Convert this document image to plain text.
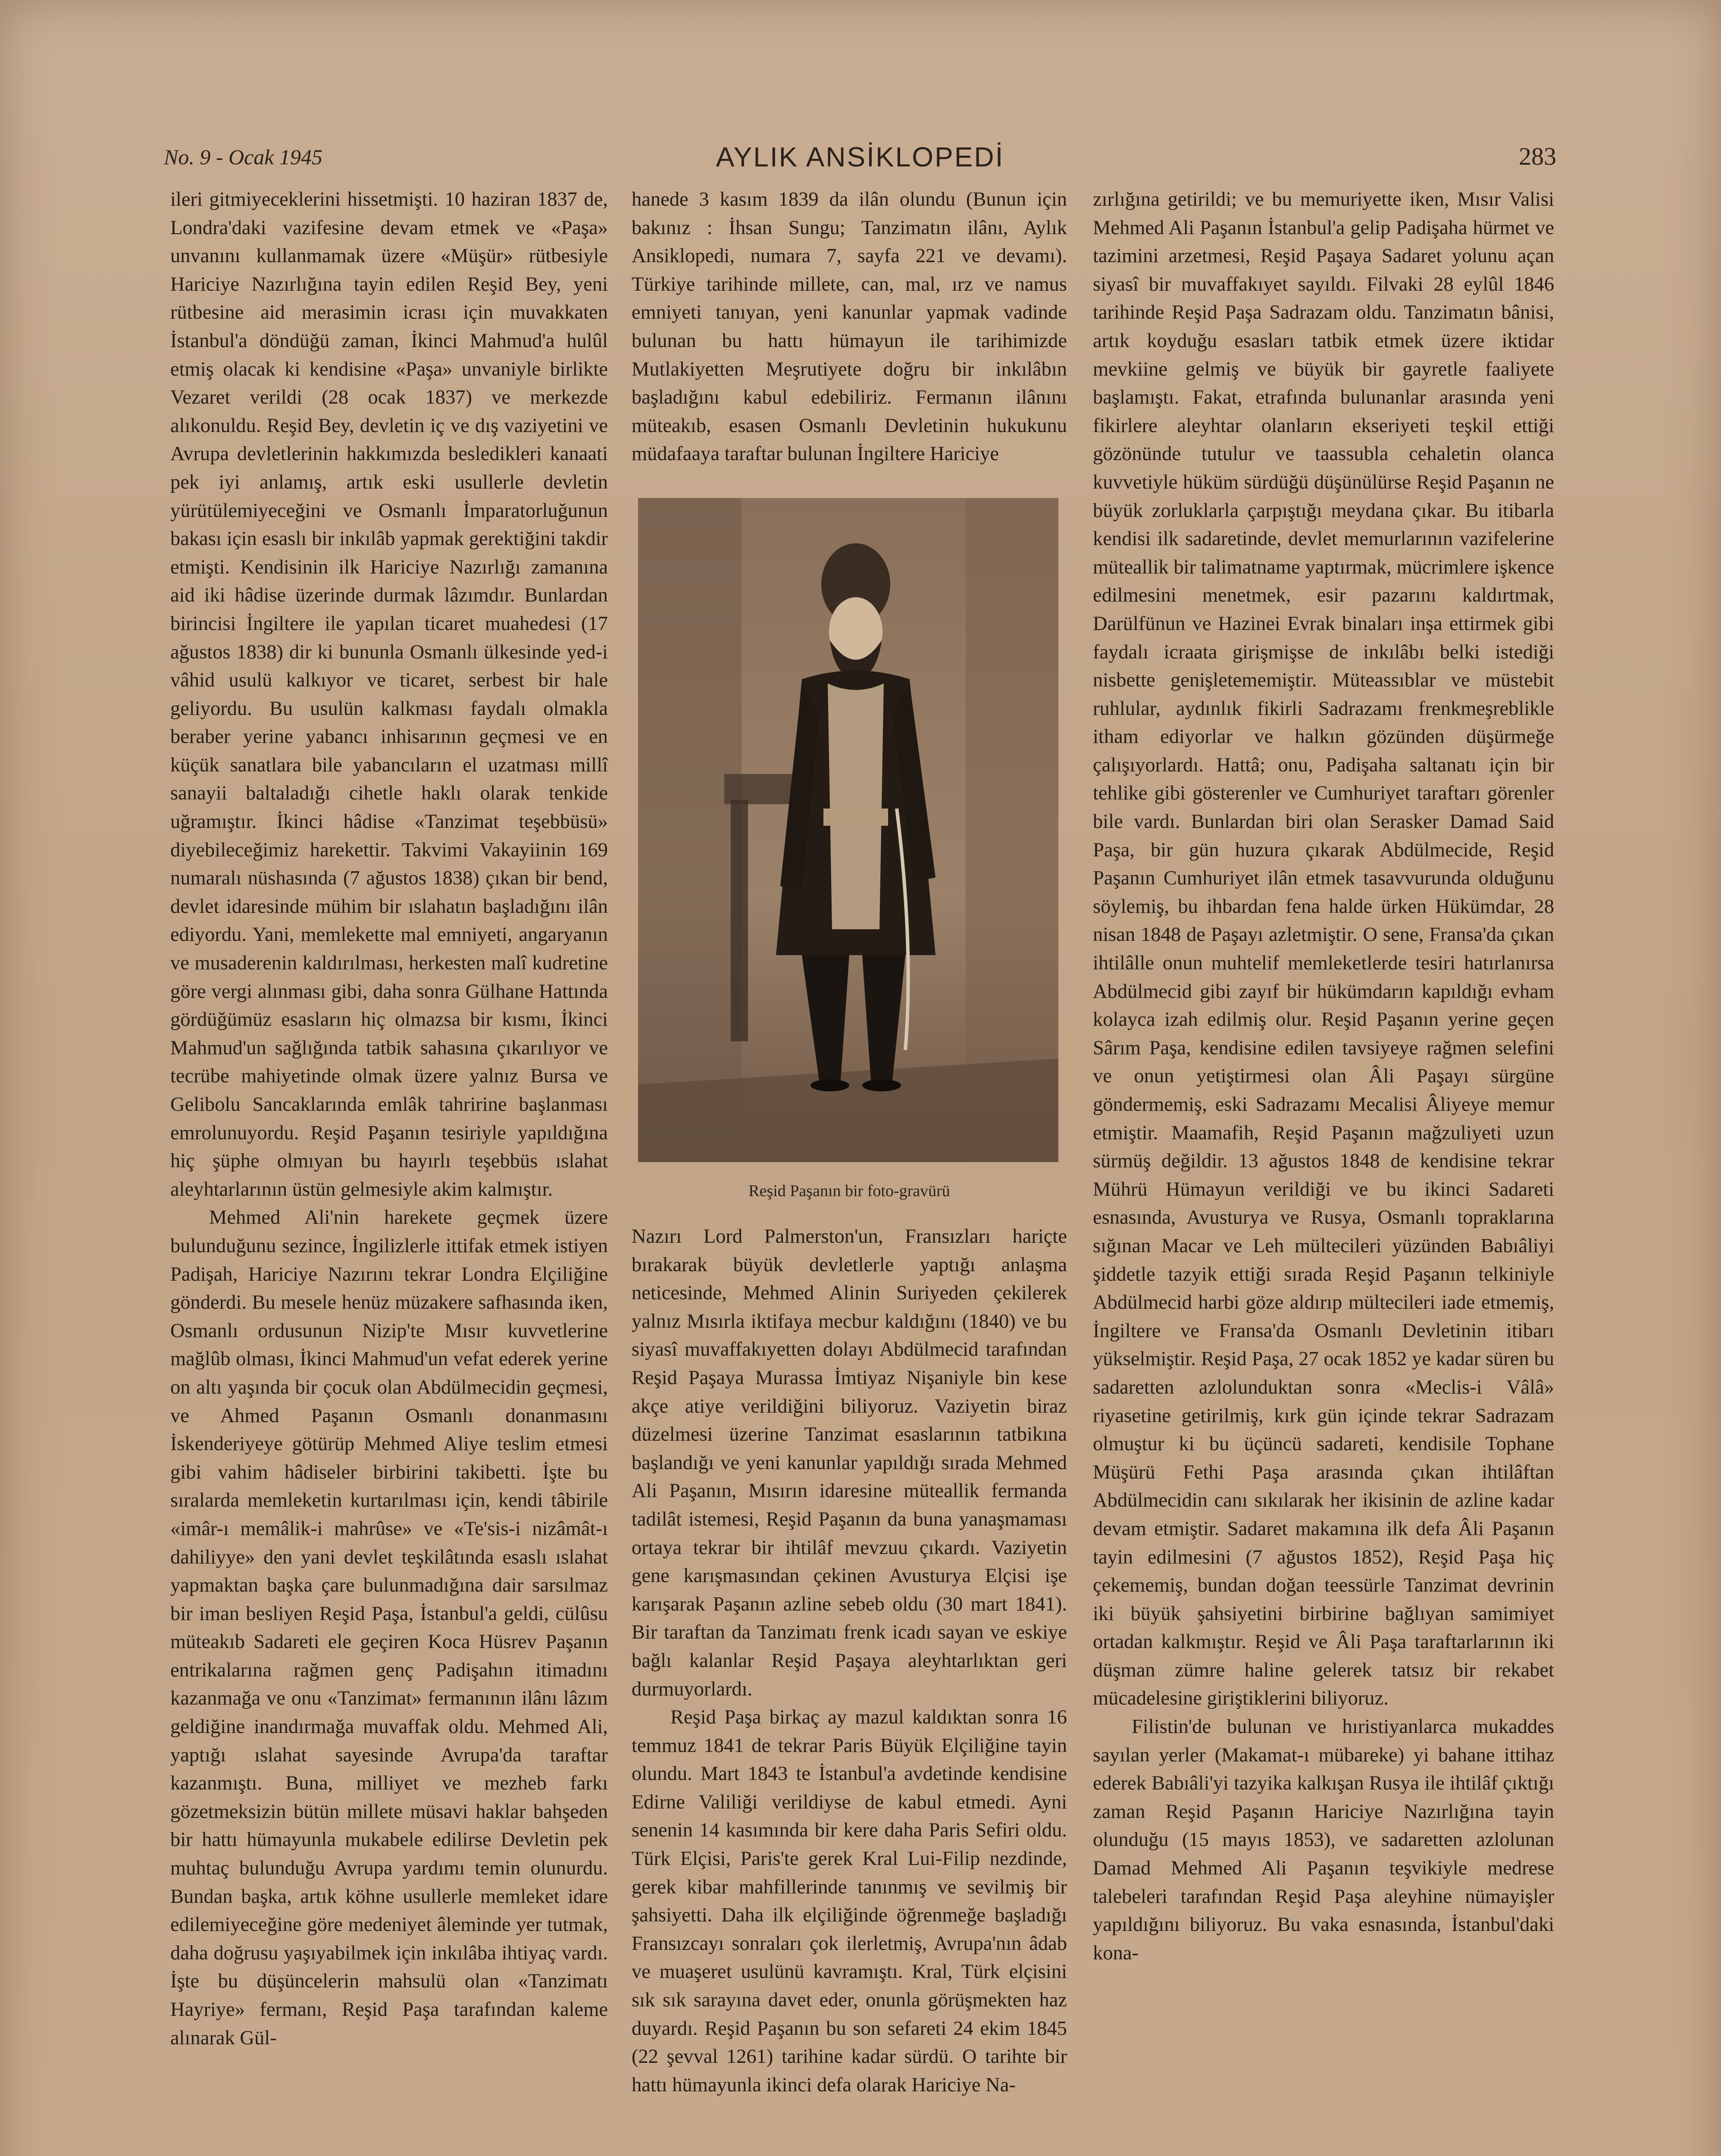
No. 9 - Ocak 1945	AYLIK ANSİKLOPEDİ	283

ileri gitmiyeceklerini hissetmişti. 10 haziran 1837 de, Londra'daki vazifesine devam etmek ve «Paşa» unvanını kullanmamak üzere «Müşür» rütbesiyle Hariciye Nazırlığına tayin edilen Reşid Bey, yeni rütbesine aid merasimin icrası için muvakkaten İstanbul'a döndüğü zaman, İkinci Mahmud'a hulûl etmiş olacak ki kendisine «Paşa» unvaniyle birlikte Vezaret verildi (28 ocak 1837) ve merkezde alıkonuldu. Reşid Bey, devletin iç ve dış vaziyetini ve Avrupa devletlerinin hakkımızda besledikleri kanaati pek iyi anlamış, artık eski usullerle devletin yürütülemiyeceğini ve Osmanlı İmparatorluğunun bakası için esaslı bir inkılâb yapmak gerektiğini takdir etmişti. Kendisinin ilk Hariciye Nazırlığı zamanına aid iki hâdise üzerinde durmak lâzımdır. Bunlardan birincisi İngiltere ile yapılan ticaret muahedesi (17 ağustos 1838) dir ki bununla Osmanlı ülkesinde yed-i vâhid usulü kalkıyor ve ticaret, serbest bir hale geliyordu. Bu usulün kalkması faydalı olmakla beraber yerine yabancı inhisarının geçmesi ve en küçük sanatlara bile yabancıların el uzatması millî sanayii baltaladığı cihetle haklı olarak tenkide uğramıştır. İkinci hâdise «Tanzimat teşebbüsü» diyebileceğimiz harekettir. Takvimi Vakayiinin 169 numaralı nüshasında (7 ağustos 1838) çıkan bir bend, devlet idaresinde mühim bir ıslahatın başladığını ilân ediyordu. Yani, memlekette mal emniyeti, angaryanın ve musaderenin kaldırılması, herkesten malî kudretine göre vergi alınması gibi, daha sonra Gülhane Hattında gördüğümüz esasların hiç olmazsa bir kısmı, İkinci Mahmud'un sağlığında tatbik sahasına çıkarılıyor ve tecrübe mahiyetinde olmak üzere yalnız Bursa ve Gelibolu Sancaklarında emlâk tahririne başlanması emrolunuyordu. Reşid Paşanın tesiriyle yapıldığına hiç şüphe olmıyan bu hayırlı teşebbüs ıslahat aleyhtarlarının üstün gelmesiyle akim kalmıştır.

Mehmed Ali'nin harekete geçmek üzere bulunduğunu sezince, İngilizlerle ittifak etmek istiyen Padişah, Hariciye Nazırını tekrar Londra Elçiliğine gönderdi. Bu mesele henüz müzakere safhasında iken, Osmanlı ordusunun Nizip'te Mısır kuvvetlerine mağlûb olması, İkinci Mahmud'un vefat ederek yerine on altı yaşında bir çocuk olan Abdülmecidin geçmesi, ve Ahmed Paşanın Osmanlı donanmasını İskenderiyeye götürüp Mehmed Aliye teslim etmesi gibi vahim hâdiseler birbirini takibetti. İşte bu sıralarda memleketin kurtarılması için, kendi tâbirile «imâr-ı memâlik-i mahrûse» ve «Te'sis-i nizâmât-ı dahiliyye» den yani devlet teşkilâtında esaslı ıslahat yapmaktan başka çare bulunmadığına dair sarsılmaz bir iman besliyen Reşid Paşa, İstanbul'a geldi, cülûsu müteakıb Sadareti ele geçiren Koca Hüsrev Paşanın entrikalarına rağmen genç Padişahın itimadını kazanmağa ve onu «Tanzimat» fermanının ilânı lâzım geldiğine inandırmağa muvaffak oldu. Mehmed Ali, yaptığı ıslahat sayesinde Avrupa'da taraftar kazanmıştı. Buna, milliyet ve mezheb farkı gözetmeksizin bütün millete müsavi haklar bahşeden bir hattı hümayunla mukabele edilirse Devletin pek muhtaç bulunduğu Avrupa yardımı temin olunurdu. Bundan başka, artık köhne usullerle memleket idare edilemiyeceğine göre medeniyet âleminde yer tutmak, daha doğrusu yaşıyabilmek için inkılâba ihtiyaç vardı. İşte bu düşüncelerin mahsulü olan «Tanzimatı Hayriye» fermanı, Reşid Paşa tarafından kaleme alınarak Gül-

hanede 3 kasım 1839 da ilân olundu (Bunun için bakınız : İhsan Sungu; Tanzimatın ilânı, Aylık Ansiklopedi, numara 7, sayfa 221 ve devamı). Türkiye tarihinde millete, can, mal, ırz ve namus emniyeti tanıyan, yeni kanunlar yapmak vadinde bulunan bu hattı hümayun ile tarihimizde Mutlakiyetten Meşrutiyete doğru bir inkılâbın başladığını kabul edebiliriz. Fermanın ilânını müteakıb, esasen Osmanlı Devletinin hukukunu müdafaaya taraftar bulunan İngiltere Hariciye

Reşid Paşanın bir foto-gravürü

Nazırı Lord Palmerston'un, Fransızları hariçte bırakarak büyük devletlerle yaptığı anlaşma neticesinde, Mehmed Alinin Suriyeden çekilerek yalnız Mısırla iktifaya mecbur kaldığını (1840) ve bu siyasî muvaffakıyetten dolayı Abdülmecid tarafından Reşid Paşaya Murassa İmtiyaz Nişaniyle bin kese akçe atiye verildiğini biliyoruz. Vaziyetin biraz düzelmesi üzerine Tanzimat esaslarının tatbikına başlandığı ve yeni kanunlar yapıldığı sırada Mehmed Ali Paşanın, Mısırın idaresine müteallik fermanda tadilât istemesi, Reşid Paşanın da buna yanaşmaması ortaya tekrar bir ihtilâf mevzuu çıkardı. Vaziyetin gene karışmasından çekinen Avusturya Elçisi işe karışarak Paşanın azline sebeb oldu (30 mart 1841). Bir taraftan da Tanzimatı frenk icadı sayan ve eskiye bağlı kalanlar Reşid Paşaya aleyhtarlıktan geri durmuyorlardı.

Reşid Paşa birkaç ay mazul kaldıktan sonra 16 temmuz 1841 de tekrar Paris Büyük Elçiliğine tayin olundu. Mart 1843 te İstanbul'a avdetinde kendisine Edirne Valiliği verildiyse de kabul etmedi. Ayni senenin 14 kasımında bir kere daha Paris Sefiri oldu. Türk Elçisi, Paris'te gerek Kral Lui-Filip nezdinde, gerek kibar mahfillerinde tanınmış ve sevilmiş bir şahsiyetti. Daha ilk elçiliğinde öğrenmeğe başladığı Fransızcayı sonraları çok ilerletmiş, Avrupa'nın âdab ve muaşeret usulünü kavramıştı. Kral, Türk elçisini sık sık sarayına davet eder, onunla görüşmekten haz duyardı. Reşid Paşanın bu son sefareti 24 ekim 1845 (22 şevval 1261) tarihine kadar sürdü. O tarihte bir hattı hümayunla ikinci defa olarak Hariciye Na-

zırlığına getirildi; ve bu memuriyette iken, Mısır Valisi Mehmed Ali Paşanın İstanbul'a gelip Padişaha hürmet ve tazimini arzetmesi, Reşid Paşaya Sadaret yolunu açan siyasî bir muvaffakıyet sayıldı. Filvaki 28 eylûl 1846 tarihinde Reşid Paşa Sadrazam oldu. Tanzimatın bânisi, artık koyduğu esasları tatbik etmek üzere iktidar mevkiine gelmiş ve büyük bir gayretle faaliyete başlamıştı. Fakat, etrafında bulunanlar arasında yeni fikirlere aleyhtar olanların ekseriyeti teşkil ettiği gözönünde tutulur ve taassubla cehaletin olanca kuvvetiyle hüküm sürdüğü düşünülürse Reşid Paşanın ne büyük zorluklarla çarpıştığı meydana çıkar. Bu itibarla kendisi ilk sadaretinde, devlet memurlarının vazifelerine müteallik bir talimatname yaptırmak, mücrimlere işkence edilmesini menetmek, esir pazarını kaldırtmak, Darülfünun ve Hazinei Evrak binaları inşa ettirmek gibi faydalı icraata girişmişse de inkılâbı belki istediği nisbette genişletememiştir. Müteassıblar ve müstebit ruhlular, aydınlık fikirli Sadrazamı frenkmeşreblikle itham ediyorlar ve halkın gözünden düşürmeğe çalışıyorlardı. Hattâ; onu, Padişaha saltanatı için bir tehlike gibi gösterenler ve Cumhuriyet taraftarı görenler bile vardı. Bunlardan biri olan Serasker Damad Said Paşa, bir gün huzura çıkarak Abdülmecide, Reşid Paşanın Cumhuriyet ilân etmek tasavvurunda olduğunu söylemiş, bu ihbardan fena halde ürken Hükümdar, 28 nisan 1848 de Paşayı azletmiştir. O sene, Fransa'da çıkan ihtilâlle onun muhtelif memleketlerde tesiri hatırlanırsa Abdülmecid gibi zayıf bir hükümdarın kapıldığı evham kolayca izah edilmiş olur. Reşid Paşanın yerine geçen Sârım Paşa, kendisine edilen tavsiyeye rağmen selefini ve onun yetiştirmesi olan Âli Paşayı sürgüne göndermemiş, eski Sadrazamı Mecalisi Âliyeye memur etmiştir. Maamafih, Reşid Paşanın mağzuliyeti uzun sürmüş değildir. 13 ağustos 1848 de kendisine tekrar Mührü Hümayun verildiği ve bu ikinci Sadareti esnasında, Avusturya ve Rusya, Osmanlı topraklarına sığınan Macar ve Leh mültecileri yüzünden Babıâliyi şiddetle tazyik ettiği sırada Reşid Paşanın telkiniyle Abdülmecid harbi göze aldırıp mültecileri iade etmemiş, İngiltere ve Fransa'da Osmanlı Devletinin itibarı yükselmiştir. Reşid Paşa, 27 ocak 1852 ye kadar süren bu sadaretten azlolunduktan sonra «Meclis-i Vâlâ» riyasetine getirilmiş, kırk gün içinde tekrar Sadrazam olmuştur ki bu üçüncü sadareti, kendisile Tophane Müşürü Fethi Paşa arasında çıkan ihtilâftan Abdülmecidin canı sıkılarak her ikisinin de azline kadar devam etmiştir. Sadaret makamına ilk defa Âli Paşanın tayin edilmesini (7 ağustos 1852), Reşid Paşa hiç çekememiş, bundan doğan teessürle Tanzimat devrinin iki büyük şahsiyetini birbirine bağlıyan samimiyet ortadan kalkmıştır. Reşid ve Âli Paşa taraftarlarının iki düşman zümre haline gelerek tatsız bir rekabet mücadelesine giriştiklerini biliyoruz.

Filistin'de bulunan ve hıristiyanlarca mukaddes sayılan yerler (Makamat-ı mübareke) yi bahane ittihaz ederek Babıâli'yi tazyika kalkışan Rusya ile ihtilâf çıktığı zaman Reşid Paşanın Hariciye Nazırlığına tayin olunduğu (15 mayıs 1853), ve sadaretten azlolunan Damad Mehmed Ali Paşanın teşvikiyle medrese talebeleri tarafından Reşid Paşa aleyhine nümayişler yapıldığını biliyoruz. Bu vaka esnasında, İstanbul'daki kona-
